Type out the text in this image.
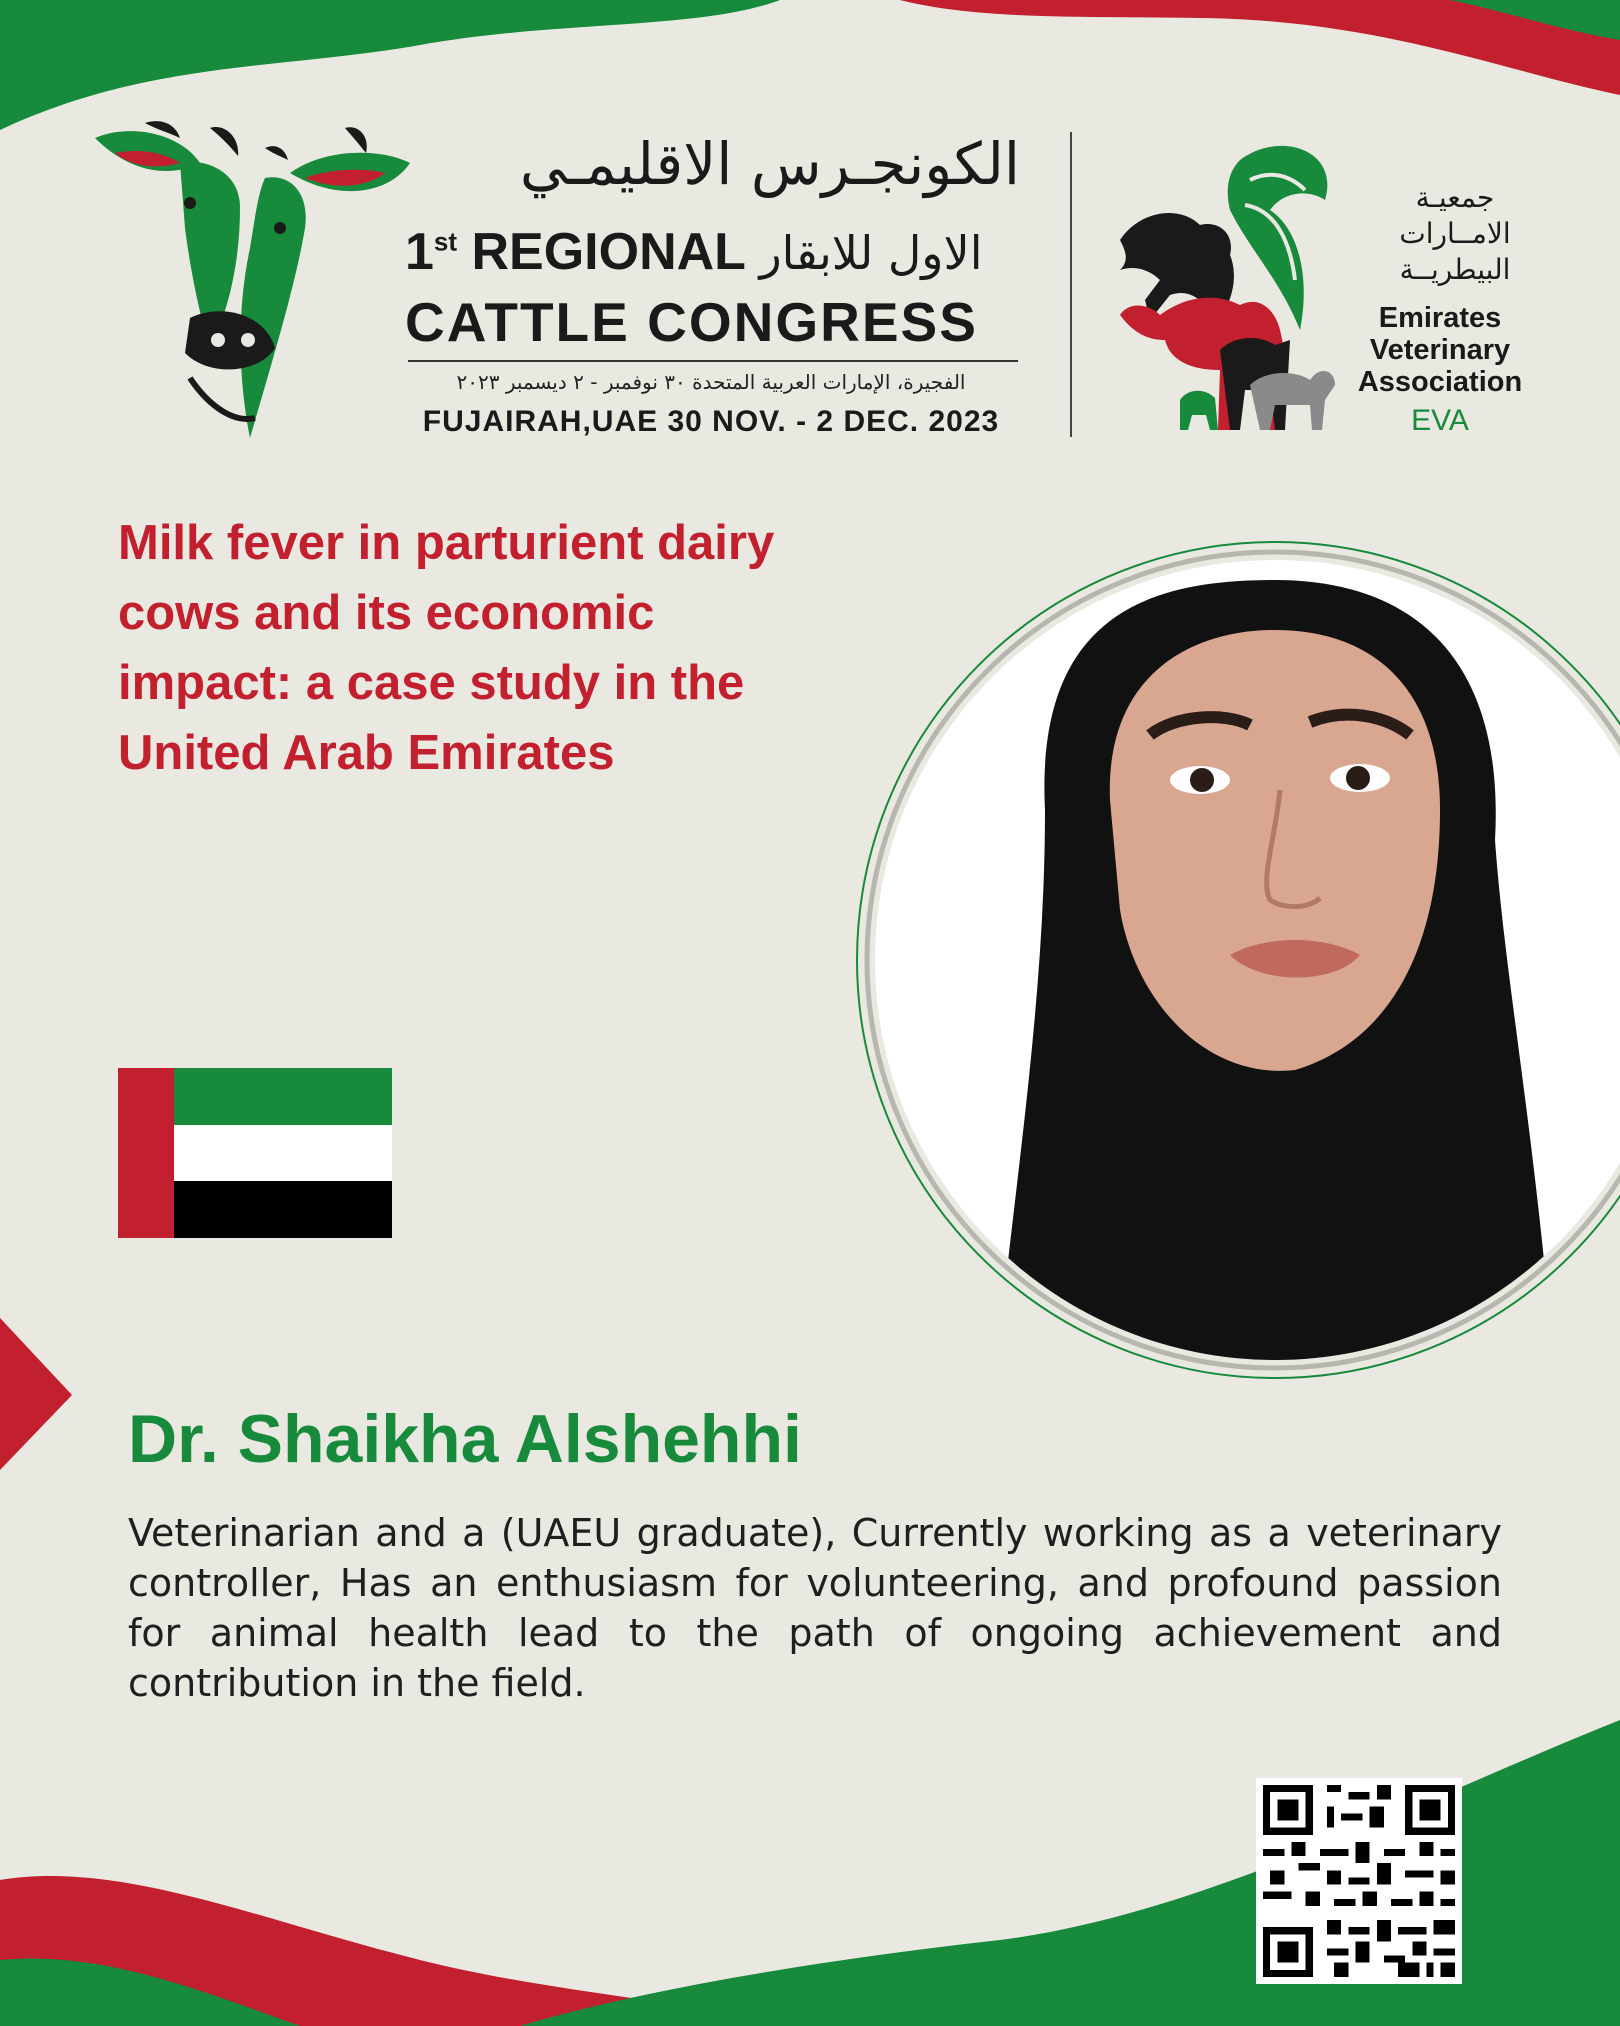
الكونجـرس الاقليمـي
1st REGIONAL الاول للابقار
CATTLE CONGRESS
الفجيرة، الإمارات العربية المتحدة ٣٠ نوفمبر - ٢ ديسمبر ٢٠٢٣
FUJAIRAH,UAE 30 NOV. - 2 DEC. 2023
جمعيـة
الامــارات
البيطريــة
Emirates
Veterinary
Association
EVA
Milk fever in parturient dairy cows and its economic impact: a case study in the United Arab Emirates
Dr. Shaikha Alshehhi
Veterinarian and a (UAEU graduate), Currently working as a veterinary controller, Has an enthusiasm for volunteering, and profound passion for animal health lead to the path of ongoing achievement and contribution in the field.
